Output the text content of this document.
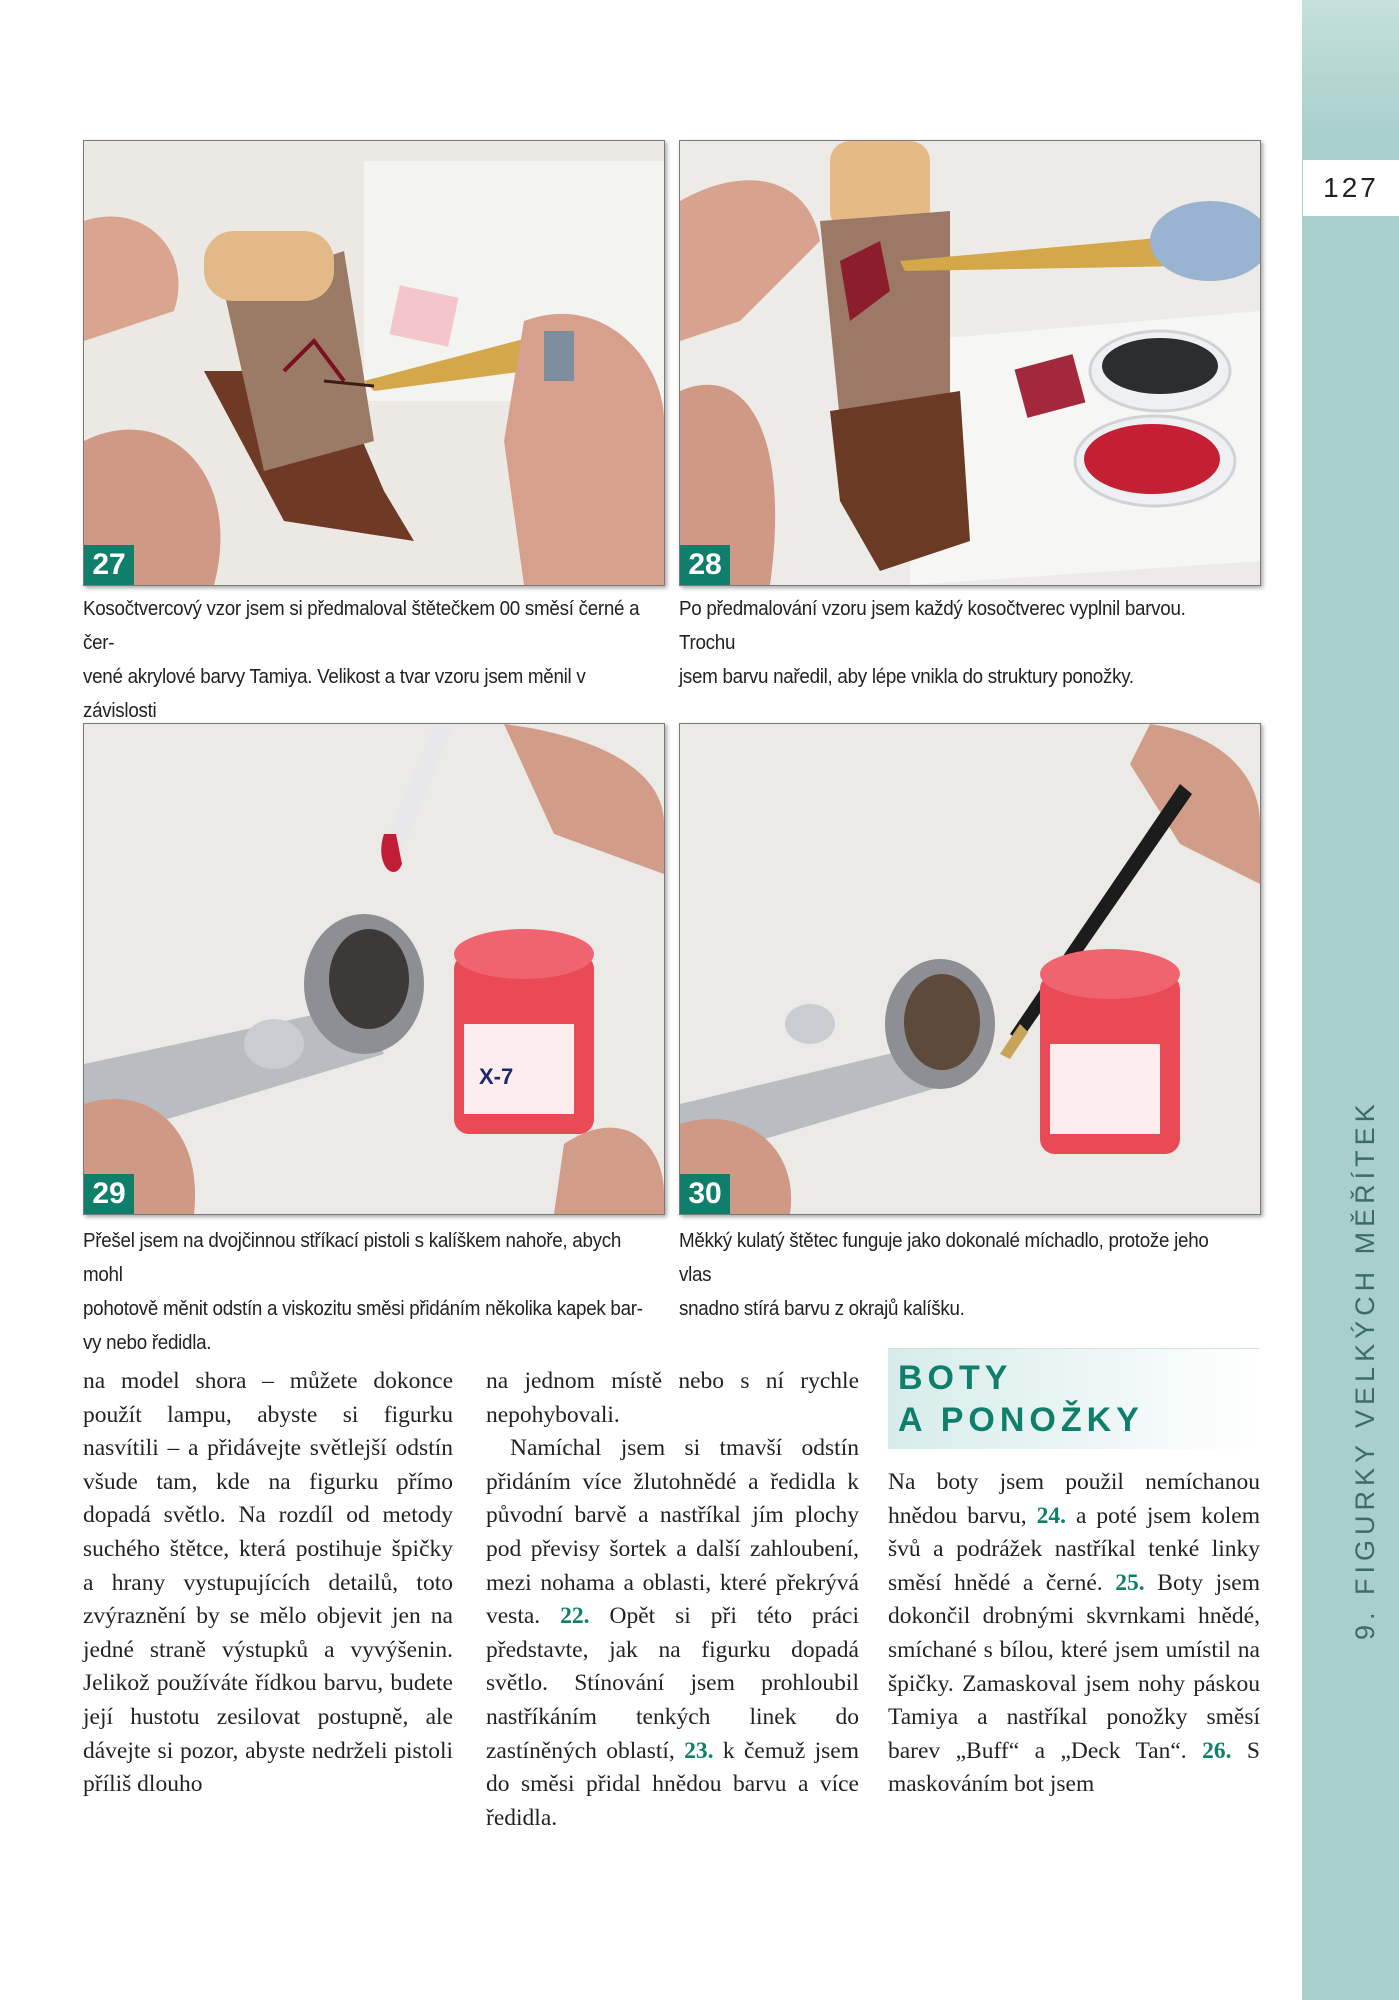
127
9. FIGURKY VELKÝCH MĚŘÍTEK
27	28
Kosočtvercový vzor jsem si předmaloval štětečkem 00 směsí černé a čer-
vené akrylové barvy Tamiya. Velikost a tvar vzoru jsem měnil v závislosti
Po předmalování vzoru jsem každý kosočtverec vyplnil barvou. Trochu
jsem barvu naředil, aby lépe vnikla do struktury ponožky.
X-7
29	30
Přešel jsem na dvojčinnou stříkací pistoli s kalíškem nahoře, abych mohl
pohotově měnit odstín a viskozitu směsi přidáním několika kapek bar-
vy nebo ředidla.
Měkký kulatý štětec funguje jako dokonalé míchadlo, protože jeho vlas
snadno stírá barvu z okrajů kalíšku.

na model shora – můžete dokonce použít lampu, abyste si figurku nasvítili – a přidávejte světlejší odstín všude tam, kde na figurku přímo dopadá světlo. Na rozdíl od metody suchého štětce, která postihuje špičky a hrany vystupujících detailů, toto zvýraznění by se mělo objevit jen na jedné straně výstupků a vyvýšenin. Jelikož používáte řídkou barvu, budete její hustotu zesilovat postupně, ale dávejte si pozor, abyste nedrželi pistoli příliš dlouho

na jednom místě nebo s ní rychle nepohybovali.

Namíchal jsem si tmavší odstín přidáním více žlutohnědé a ředidla k původní barvě a nastříkal jím plochy pod převisy šortek a další zahloubení, mezi nohama a oblasti, které překrývá vesta. 22. Opět si při této práci představte, jak na figurku dopadá světlo. Stínování jsem prohloubil nastříkáním tenkých linek do zastíněných oblastí, 23. k čemuž jsem do směsi přidal hnědou barvu a více ředidla.

BOTY
A PONOŽKY

Na boty jsem použil nemíchanou hnědou barvu, 24. a poté jsem kolem švů a podrážek nastříkal tenké linky směsí hnědé a černé. 25. Boty jsem dokončil drobnými skvrnkami hnědé, smíchané s bílou, které jsem umístil na špičky. Zamaskoval jsem nohy páskou Tamiya a nastříkal ponožky směsí barev „Buff“ a „Deck Tan“. 26. S maskováním bot jsem
